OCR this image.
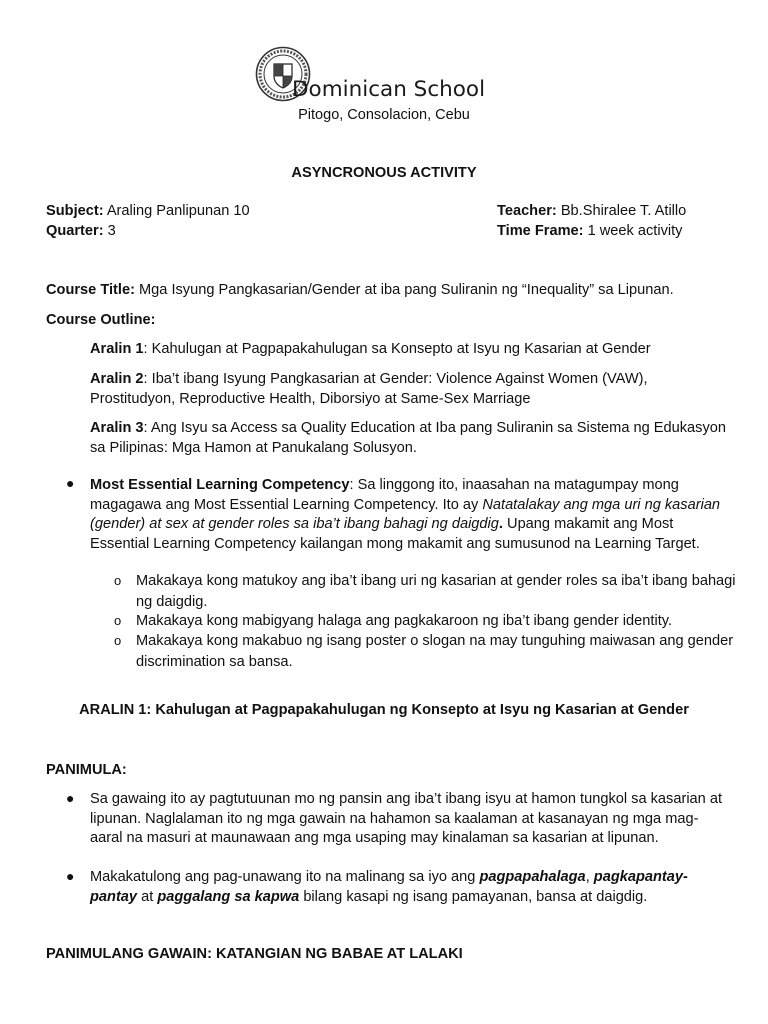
Dominican School
Pitogo, Consolacion, Cebu
ASYNCRONOUS ACTIVITY
Subject: Araling Panlipunan 10
Quarter: 3
Teacher: Bb.Shiralee T. Atillo
Time Frame: 1 week activity
Course Title: Mga Isyung Pangkasarian/Gender at iba pang Suliranin ng “Inequality” sa Lipunan.
Course Outline:
Aralin 1: Kahulugan at Pagpapakahulugan sa Konsepto at Isyu ng Kasarian at Gender
Aralin 2: Iba’t ibang Isyung Pangkasarian at Gender: Violence Against Women (VAW), Prostitudyon, Reproductive Health, Diborsiyo at Same-Sex Marriage
Aralin 3: Ang Isyu sa Access sa Quality Education at Iba pang Suliranin sa Sistema ng Edukasyon sa Pilipinas: Mga Hamon at Panukalang Solusyon.
● Most Essential Learning Competency: Sa linggong ito, inaasahan na matagumpay mong magagawa ang Most Essential Learning Competency. Ito ay Natatalakay ang mga uri ng kasarian (gender) at sex at gender roles sa iba’t ibang bahagi ng daigdig. Upang makamit ang Most Essential Learning Competency kailangan mong makamit ang sumusunod na Learning Target.
o Makakaya kong matukoy ang iba’t ibang uri ng kasarian at gender roles sa iba’t ibang bahagi ng daigdig.
o Makakaya kong mabigyang halaga ang pagkakaroon ng iba’t ibang gender identity.
o Makakaya kong makabuo ng isang poster o slogan na may tunguhing maiwasan ang gender discrimination sa bansa.
ARALIN 1: Kahulugan at Pagpapakahulugan ng Konsepto at Isyu ng Kasarian at Gender
PANIMULA:
● Sa gawaing ito ay pagtutuunan mo ng pansin ang iba’t ibang isyu at hamon tungkol sa kasarian at lipunan. Naglalaman ito ng mga gawain na hahamon sa kaalaman at kasanayan ng mga mag-aaral na masuri at maunawaan ang mga usaping may kinalaman sa kasarian at lipunan.
● Makakatulong ang pag-unawang ito na malinang sa iyo ang pagpapahalaga, pagkapantay-pantay at paggalang sa kapwa bilang kasapi ng isang pamayanan, bansa at daigdig.
PANIMULANG GAWAIN: KATANGIAN NG BABAE AT LALAKI
